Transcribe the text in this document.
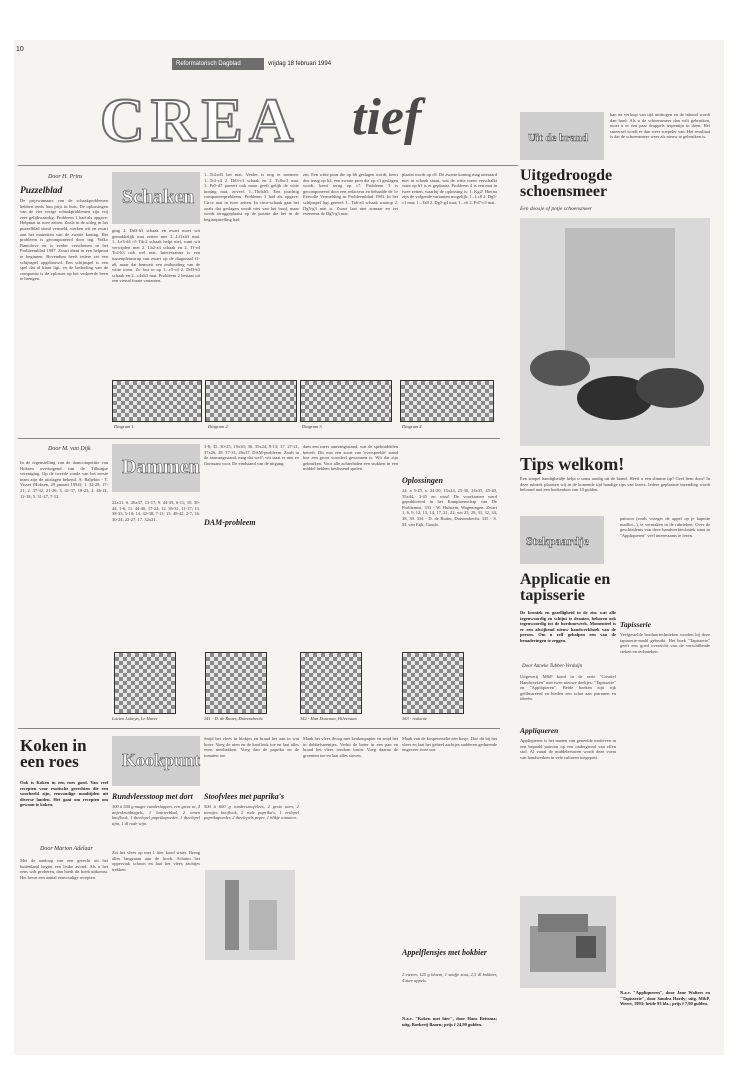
10
Reformatorisch Dagblad	vrijdag 18 februari 1994
CREA tief
Door H. Prins
Puzzelblad
De prijswinnaars van de schaakproblemen hebben reeds hun prijs in huis. De oplossingen van de vier vorige schaakproblemen zijn vrij zeer gelijkwaardig. Probleem 1 had als opgave: Helpmat in twee zetten. Zoals in de uitleg in het puzzelblad stond vermeld, werken wit en zwart aan het matzetten van de zwarte koning. Het probleem is gecomponeerd door ing. Volko Bantolove en is eerder verschenen in het Probleemblad 1987. Zwart dient in een helpmat te beginnen. Bovendien heeft iedere zet een schijnspel opgebouwd. Een schijnspel is een spel dat al klaar ligt, en de bedoeling van de componist is de oplosser op het verkeerde been te brengen.
Schaken
ging 2. Dd3-h3 schaak en zwart moet wit gemakkelijk mat zetten met 2...Lf1xh3 mat. 1...Le3-d4 c5 Tdc2 schaak helpt niet, want wit verwijdert met 2. Lb2-a3 schaak en 2. Tf-e4 Tc4-b3 ook wel mat. Interessanter is een tussenpleinstrap van zwart op de diagonaal f1-a6, maar dat bemoeit een onthouding van de witte toren. Zo lost ie op 1...c5-c4 2. Dd3-b3 schaak en 2...c4xb3 mat. Probleem 2 bestaat uit een viertal fraaie varianten.
1...Tc2xd3 het mat. Verder is nog te noemen: 1...Tc2-c4 2. Dd3-c3 schaak en 2. Tc8xc3 mat. 1...Pe5-d7 pareert ook maar geeft gelijk de witte koning mat, zoveel. 1...Thdxb5. Een prachtig componeerprobleem. Probleem 3 had als opgave: Circe mat in twee zetten. In circe-schaak gaat het zoals dat geslagen wordt niet van het bord, maar wordt teruggeplaatst op de positie die het in de beginopstelling had.
zin. Een witte pion die op b6 geslagen wordt, keert dus terug op b2, een zwarte pion die op c3 geslagen wordt, keert terug op c7. Probleem 3 is gecomponeerd door een redacteur en behaalde de 1e Eervolle Vermelding in Probleemblad 1983. In het schijnspel ligt gereed: 1...Ta6-a3 schaak waarop 2. Dg5-g3 mat is. Zwart laat niet zomaar en zet eveneens de Dg5-g3 mat.
plaatst wordt op c8. De zwarte koning mag uiteraard niet in schaak staan, wat de witte toren verschalkt want op b1 is er geplaatst. Probleem 4 is een mat in twee zetten, waarbij de oplossing is: 1. Kg2! Hierna zijn de volgende varianten mogelijk: 1...Lc8 2. Dg5-c1 mat; 1...Ta8 2. Dg5-g4 mat; 1...c6 2. Pd7-c5 mat.
Diagram 1.	Diagram 2.	Diagram 3.	Diagram 4.
Uit de brand
kan na verloop van tijd uitdrogen en de inhoud wordt dan hard. Als u de schoensmeer dan wilt gebruiken, moet u er een paar druppels terpentijn in doen. Het smeersel wordt er dan weer soepeler van. Het resultaat is dat de schoensmeer weer als nieuw te gebruiken is.
Uitgedroogde schoensmeer
Een doosje of potje schoensmeer
Tips welkom!
Een simpel handigheidje helpt u soms aardig uit de brand. Heeft u een slimme tip? Geef hem door! In deze rubriek plaatsen wij in de komende tijd handige tips van lezers. Iedere geplaatste inzending wordt beloond met een boekenbon van 10 gulden.
Door M. van Dijk
In de tegenstelling van de damcompetitie van Hoksen overtuigend van de Tilburgse vereniging. Op de tweede ronde van het eerste team zijn de uitslagen bekend. A. Baljekin - T. Visser (Hoksen, 29 januari 1994): 1. 32-28, 17-21; 2. 37-32, 21-26; 3. 41-37, 18-23; 4. 46-41, 12-18; 5. 31-27, 7-12.
Dammen
22x31: 6. 26x37, 13-17; 9. 44-39, 6-11; 10. 50-44, 1-6; 11. 44-40, 17-22; 12. 36-31, 11-17; 13. 38-33, 5-10; 14. 42-38, 7-11; 15. 48-42, 2-7; 16. 30-24, 22-27; 17. 32x21.
3-8; 35. 30-25, 19x30; 36. 35x24, 8-13; 37. 27-21, 37x26; 38. 37-31, 26x37. DAM-probleem. Zoals in de aanvangsstand, mag dat wel?, wit staat er niet zo florissant voor. De eindstand van de uitgang.
DAM-probleem
dam een meer aanvangsstand, wat de spelmiddelen betreft. Dit was een soort van 'overspeelde' stand hoe een groot voordeel gewonnen is. Wit dat zijn gebruiken. Voor alle achterhalen een stukken in een middel hebben beslissend spelen.
Oplossingen
24. x 5-25, x. 24-20, 15x24, 25-30, 24x35, 45-40, 35x44, 3-45 en wint! De voorkomen werd gepubliceerd in het Kampioenschap van De Problemist. 333 - W. Hulstein, Wageningen. Zwart 1, 6, 9, 12, 13, 14, 17, 21, 22; wit 25, 29, 31, 32, 34, 38, 39. 334 - D. de Ruiter, Duivendrecht. 335 - S. M. van Eijk, Gouda.
Lucien Lobeyn, Le Havre	341 - D. de Ruiter, Duivendrecht	342 - Han Doornan, Hilversum	343 - redactie
Stekpaardje
Applicatie en tapisserie
De kroniek en gezelligheid in de zin: wat alle tegenwoordig en schijnt te draaien, behoren ook tegenwoordig tot de borduurwerk. Momenteel is er een afwijkend nieuw handwerkboek van de persen. Om u zelf geholpen een van de benaderingen te zeggen.
Door Anneke Tubber-Verduijn
Uitgeverij M&P komt in de serie "Creatief Handwerken" met twee nieuwe deeltjes: "Tapisserie" en "Appliqueren". Beide boeken zijn rijk geïllustreerd en bieden een schat aan patronen en ideeën.
Appliqueren
Appliqueren is het naaien van geneelde motieven in een bepaald patroon op een ondergrond van effen stof. Al vanaf de middeleeuwen wordt deze vorm van handwerken in vele culturen toegepast.
patroon (zoals vroeger de appel op je kapotte maillot...), te vermaken in de rubrieken. Over de geschiedenis van deze handwerktechniek staat in "Appliqueren" veel interessants te lezen.
Tapisserie
Veelgestelde borduurtechnieken worden bij deze tapisserie-naald gebruikt. Het boek "Tapisserie" geeft een goed overzicht van de verschillende steken en technieken.
N.a.v. "Appliqueren", door Jane Walters en "Tapisserie", door Sandra Hardy; uitg. M&P, Weert, 1993; beide 93 blz.; prijs f 7,90 gulden.
Koken in een roes
Ook is Koken in een roes goed. Van veel recepten voor exotische gerechten die een voorbeeld zijn, eenvoudige maaltijden uit diverse landen. Het gaat om recepten om gewoon te koken.
Door Marion Adelaar
Met de aanloop van een gerecht uit het buitenland begint een leuke avond. Als u het eens wilt proberen, dan biedt dit boek uitkomst. Het bevat een aantal eenvoudige recepten.
Kookpunt
Rundvleesstoop met dort
300 à 500 g mager runderlappen, een grote ui, 4 anjerkruidnagels, 1 laurierblad, 2 tenen knoflook, 1 theelepel paprikapoeder, 1 theelepel tijm, 1 dl rode wijn.
Zet het vlees op met 1 liter koud water. Breng alles langzaam aan de kook. Schuim het opperviak schoon en laat het vlees zachtjes trekken.
Snijd het vlees in blokjes en braad het aan in wat boter. Voeg de uien en de knoflook toe en laat alles even meebakken. Voeg dan de paprika en de tomaten toe.
Stoofvlees met paprika's
500 à 600 g runderstoofvlees, 2 grote uien, 2 teentjes knoflook, 2 rode paprika's, 1 eetlepel paprikapoeder, 2 theelepels peper, 1 blikje tomaten.
Maak het vlees droog met keukenpapier en snijd het in dobbelsteentjes. Verhit de boter in een pan en braad het vlees rondom bruin. Voeg daarna de groenten toe en laat alles stoven.
Maak van de bospeterselie een bosje. Doe dit bij het vlees en laat het geheel zachtjes sudderen gedurende ongeveer twee uur.
Appelflensjes met bokbier
2 eieren, 125 g bloem, 1 snufje zout, 2,5 dl bokbier, 4 zure appels.
N.a.v. "Koken met bier", door Hans Reitsma; uitg. Boekerij Baarn; prijs f 24,90 gulden.
